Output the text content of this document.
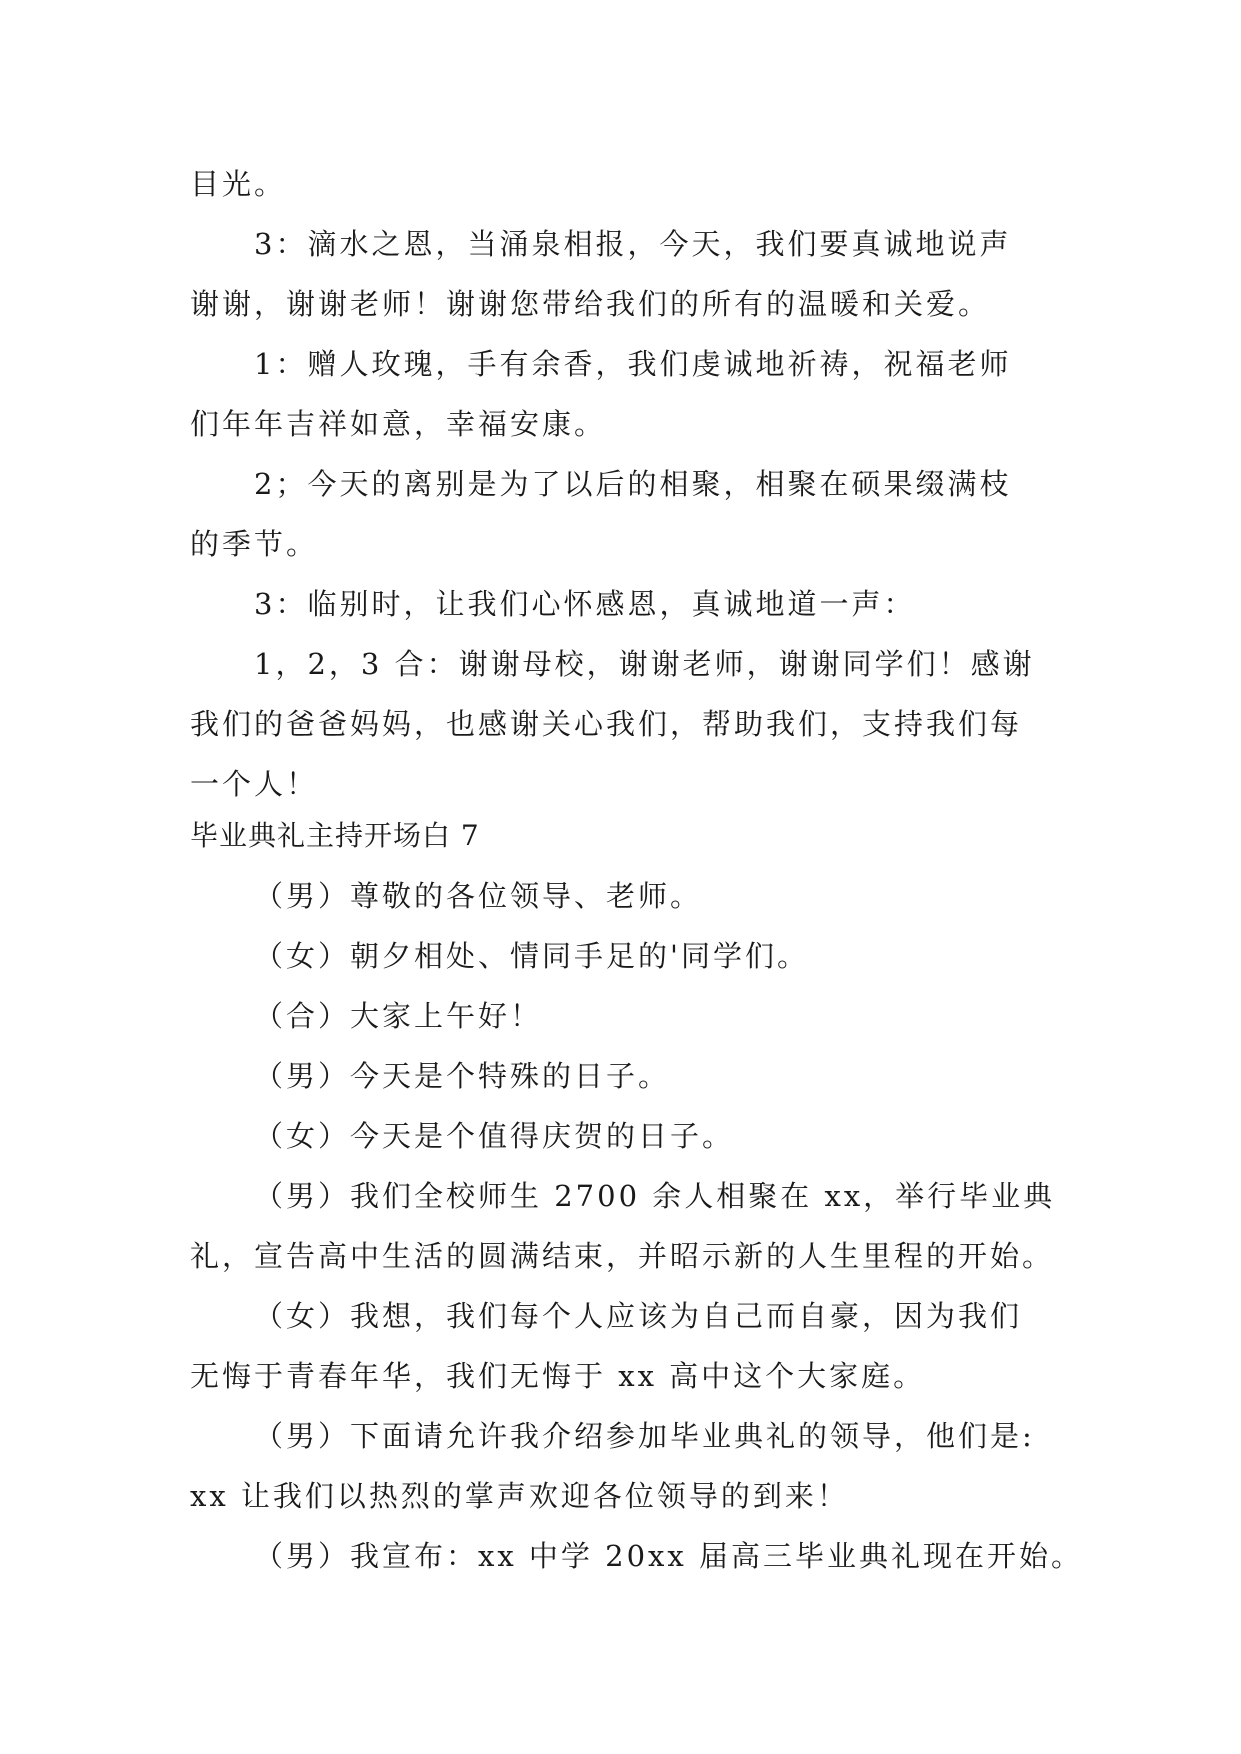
目光。
3：滴水之恩，当涌泉相报，今天，我们要真诚地说声
谢谢，谢谢老师！谢谢您带给我们的所有的温暖和关爱。
1：赠人玫瑰，手有余香，我们虔诚地祈祷，祝福老师
们年年吉祥如意，幸福安康。
2；今天的离别是为了以后的相聚，相聚在硕果缀满枝
的季节。
3：临别时，让我们心怀感恩，真诚地道一声：
1，2，3 合：谢谢母校，谢谢老师，谢谢同学们！感谢
我们的爸爸妈妈，也感谢关心我们，帮助我们，支持我们每
一个人！
毕业典礼主持开场白 7
（男）尊敬的各位领导、老师。
（女）朝夕相处、情同手足的'同学们。
（合）大家上午好！
（男）今天是个特殊的日子。
（女）今天是个值得庆贺的日子。
（男）我们全校师生 2700 余人相聚在 xx，举行毕业典
礼，宣告高中生活的圆满结束，并昭示新的人生里程的开始。
（女）我想，我们每个人应该为自己而自豪，因为我们
无悔于青春年华，我们无悔于 xx 高中这个大家庭。
（男）下面请允许我介绍参加毕业典礼的领导，他们是:
xx 让我们以热烈的掌声欢迎各位领导的到来！
（男）我宣布：xx 中学 20xx 届高三毕业典礼现在开始。
